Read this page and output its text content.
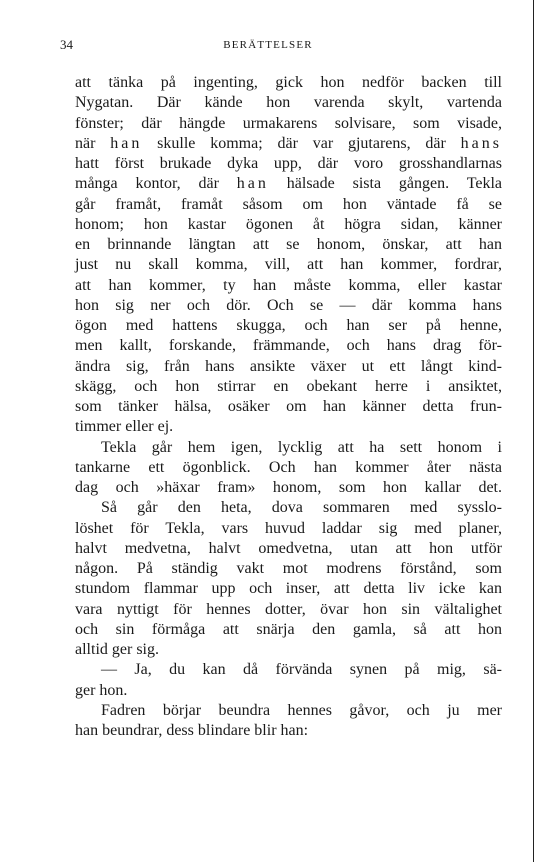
34	BERÄTTELSER
att tänka på ingenting, gick hon nedför backen till
Nygatan. Där kände hon varenda skylt, vartenda
fönster; där hängde urmakarens solvisare, som visade,
när han skulle komma; där var gjutarens, där hans
hatt först brukade dyka upp, där voro grosshandlarnas
många kontor, där han hälsade sista gången. Tekla
går framåt, framåt såsom om hon väntade få se
honom; hon kastar ögonen åt högra sidan, känner
en brinnande längtan att se honom, önskar, att han
just nu skall komma, vill, att han kommer, fordrar,
att han kommer, ty han måste komma, eller kastar
hon sig ner och dör. Och se — där komma hans
ögon med hattens skugga, och han ser på henne,
men kallt, forskande, främmande, och hans drag för-
ändra sig, från hans ansikte växer ut ett långt kind-
skägg, och hon stirrar en obekant herre i ansiktet,
som tänker hälsa, osäker om han känner detta frun-
timmer eller ej.
Tekla går hem igen, lycklig att ha sett honom i
tankarne ett ögonblick. Och han kommer åter nästa
dag och »häxar fram» honom, som hon kallar det.
Så går den heta, dova sommaren med sysslo-
löshet för Tekla, vars huvud laddar sig med planer,
halvt medvetna, halvt omedvetna, utan att hon utför
någon. På ständig vakt mot modrens förstånd, som
stundom flammar upp och inser, att detta liv icke kan
vara nyttigt för hennes dotter, övar hon sin vältalighet
och sin förmåga att snärja den gamla, så att hon
alltid ger sig.
— Ja, du kan då förvända synen på mig, sä-
ger hon.
Fadren börjar beundra hennes gåvor, och ju mer
han beundrar, dess blindare blir han:
